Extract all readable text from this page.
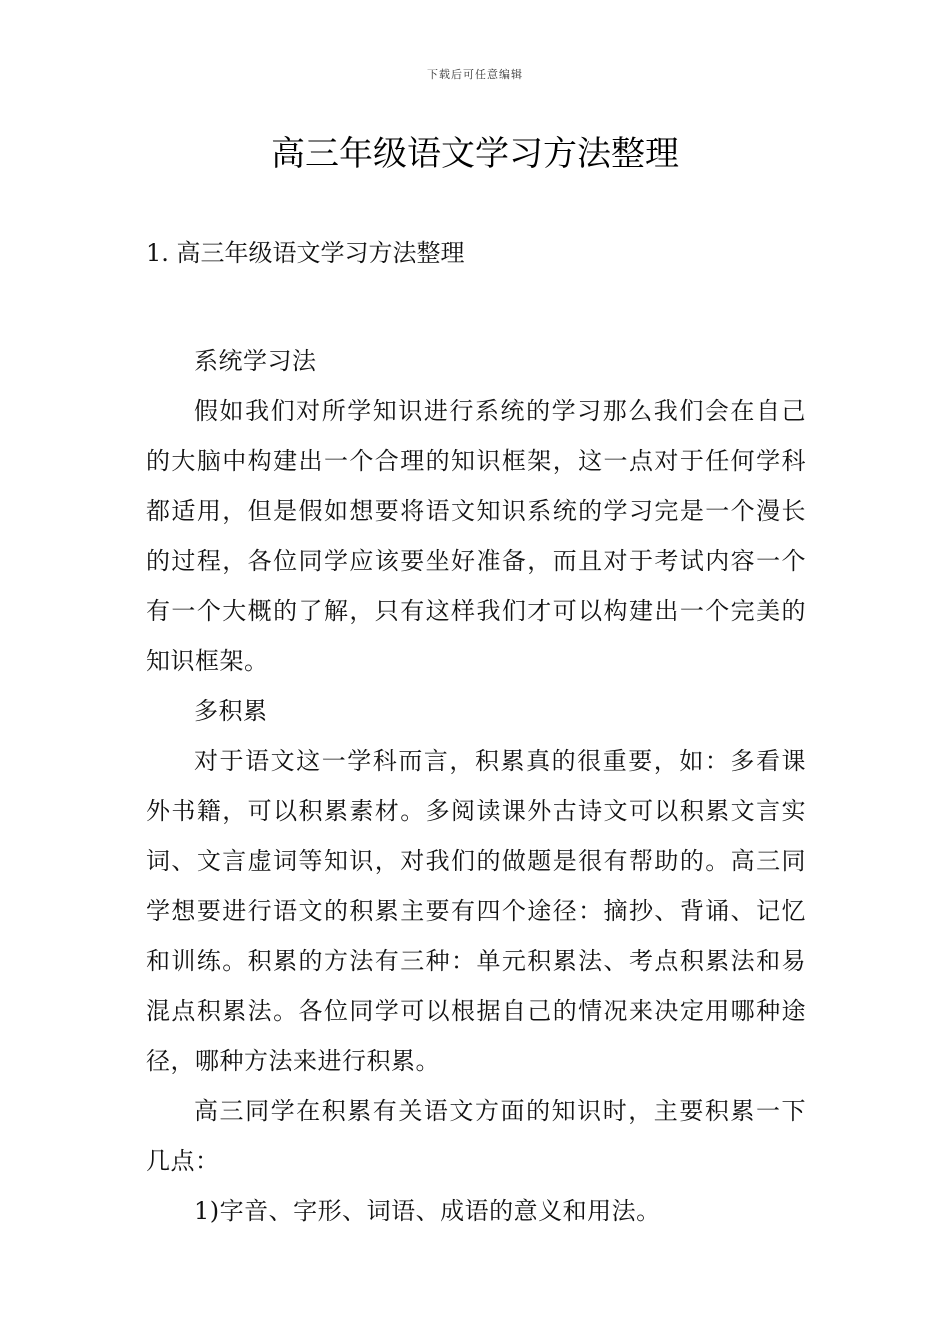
下载后可任意编辑
高三年级语文学习方法整理
1. 高三年级语文学习方法整理

系统学习法

假如我们对所学知识进行系统的学习那么我们会在自己的大脑中构建出一个合理的知识框架，这一点对于任何学科都适用，但是假如想要将语文知识系统的学习完是一个漫长的过程，各位同学应该要坐好准备，而且对于考试内容一个有一个大概的了解，只有这样我们才可以构建出一个完美的知识框架。

多积累

对于语文这一学科而言，积累真的很重要，如：多看课外书籍，可以积累素材。多阅读课外古诗文可以积累文言实词、文言虚词等知识，对我们的做题是很有帮助的。高三同学想要进行语文的积累主要有四个途径：摘抄、背诵、记忆和训练。积累的方法有三种：单元积累法、考点积累法和易混点积累法。各位同学可以根据自己的情况来决定用哪种途径，哪种方法来进行积累。

高三同学在积累有关语文方面的知识时，主要积累一下几点：

1)字音、字形、词语、成语的意义和用法。
